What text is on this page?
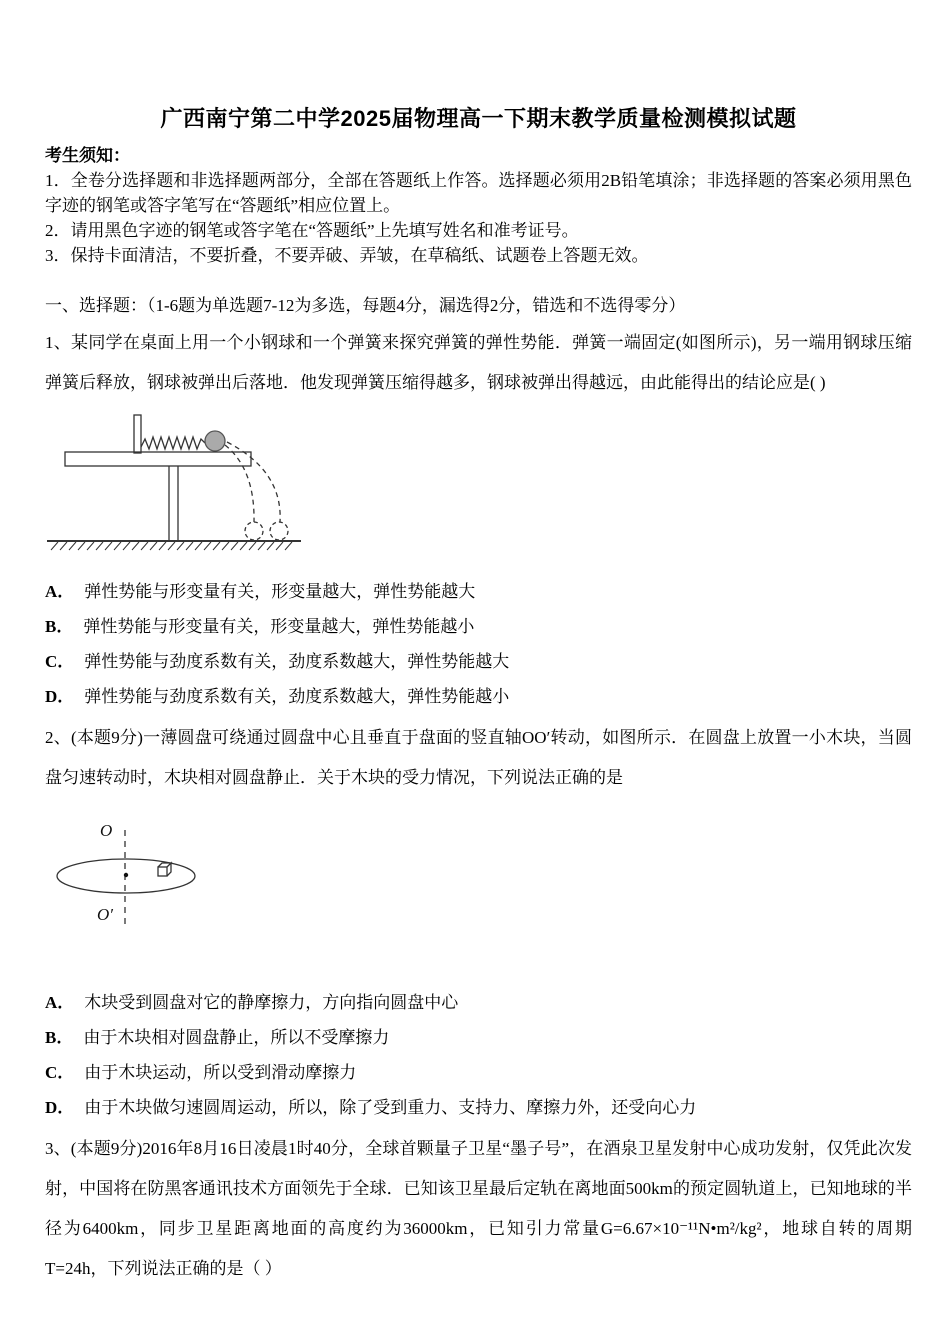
广西南宁第二中学2025届物理高一下期末教学质量检测模拟试题
考生须知：
1．全卷分选择题和非选择题两部分，全部在答题纸上作答。选择题必须用2B铅笔填涂；非选择题的答案必须用黑色字迹的钢笔或答字笔写在“答题纸”相应位置上。
2．请用黑色字迹的钢笔或答字笔在“答题纸”上先填写姓名和准考证号。
3．保持卡面清洁，不要折叠，不要弄破、弄皱，在草稿纸、试题卷上答题无效。
一、选择题：（1-6题为单选题7-12为多选，每题4分，漏选得2分，错选和不选得零分）
1、某同学在桌面上用一个小钢球和一个弹簧来探究弹簧的弹性势能．弹簧一端固定(如图所示)，另一端用钢球压缩弹簧后释放，钢球被弹出后落地．他发现弹簧压缩得越多，钢球被弹出得越远，由此能得出的结论应是( )
A． 弹性势能与形变量有关，形变量越大，弹性势能越大
B． 弹性势能与形变量有关，形变量越大，弹性势能越小
C． 弹性势能与劲度系数有关，劲度系数越大，弹性势能越大
D． 弹性势能与劲度系数有关，劲度系数越大，弹性势能越小
2、(本题9分)一薄圆盘可绕通过圆盘中心且垂直于盘面的竖直轴OO′转动，如图所示．在圆盘上放置一小木块，当圆盘匀速转动时，木块相对圆盘静止．关于木块的受力情况，下列说法正确的是
O
O′
A． 木块受到圆盘对它的静摩擦力，方向指向圆盘中心
B． 由于木块相对圆盘静止，所以不受摩擦力
C． 由于木块运动，所以受到滑动摩擦力
D． 由于木块做匀速圆周运动，所以，除了受到重力、支持力、摩擦力外，还受向心力
3、(本题9分)2016年8月16日凌晨1时40分，全球首颗量子卫星“墨子号”，在酒泉卫星发射中心成功发射，仅凭此次发射，中国将在防黑客通讯技术方面领先于全球．已知该卫星最后定轨在离地面500km的预定圆轨道上，已知地球的半径为6400km，同步卫星距离地面的高度约为36000km，已知引力常量G=6.67×10⁻¹¹N•m²/kg²，地球自转的周期T=24h，下列说法正确的是（ ）
